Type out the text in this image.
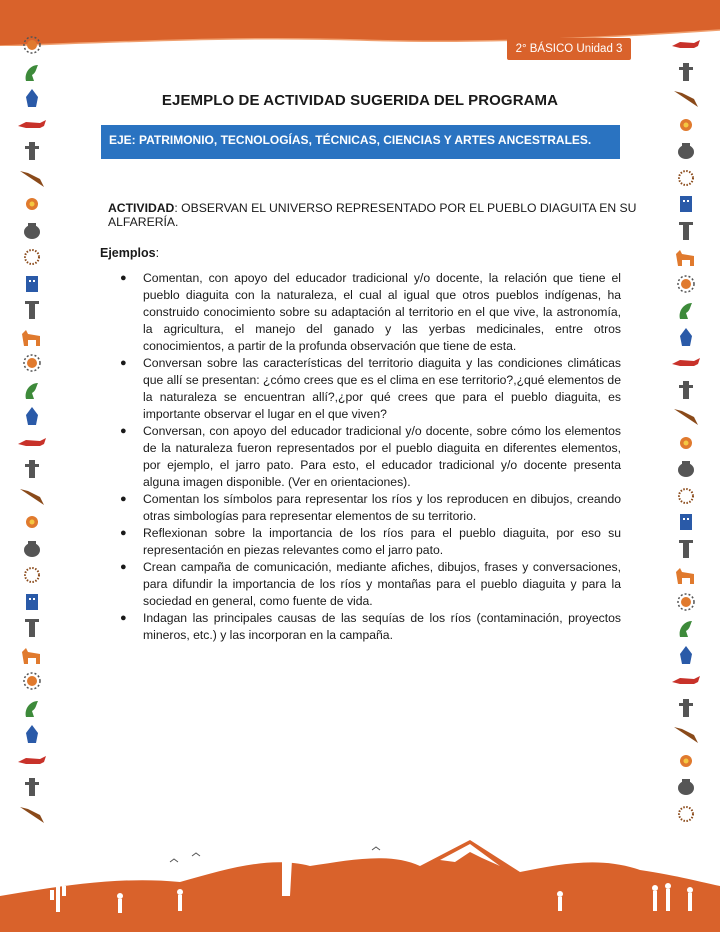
2° BÁSICO Unidad 3
EJEMPLO DE ACTIVIDAD SUGERIDA DEL PROGRAMA
EJE: PATRIMONIO, TECNOLOGÍAS, TÉCNICAS, CIENCIAS Y ARTES ANCESTRALES.
ACTIVIDAD: OBSERVAN EL UNIVERSO REPRESENTADO POR EL PUEBLO DIAGUITA EN SU ALFARERÍA.
Ejemplos:
● Comentan, con apoyo del educador tradicional y/o docente, la relación que tiene el pueblo diaguita con la naturaleza, el cual al igual que otros pueblos indígenas, ha construido conocimiento sobre su adaptación al territorio en el que vive, la astronomía, la agricultura, el manejo del ganado y las yerbas medicinales, entre otros conocimientos, a partir de la profunda observación que tiene de esta.
● Conversan sobre las características del territorio diaguita y las condiciones climáticas que allí se presentan: ¿cómo crees que es el clima en ese territorio?,¿qué elementos de la naturaleza se encuentran allí?,¿por qué crees que para el pueblo diaguita, es importante observar el lugar en el que viven?
● Conversan, con apoyo del educador tradicional y/o docente, sobre cómo los elementos de la naturaleza fueron representados por el pueblo diaguita en diferentes elementos, por ejemplo, el jarro pato. Para esto, el educador tradicional y/o docente presenta alguna imagen disponible. (Ver en orientaciones).
● Comentan los símbolos para representar los ríos y los reproducen en dibujos, creando otras simbologías para representar elementos de su territorio.
● Reflexionan sobre la importancia de los ríos para el pueblo diaguita, por eso su representación en piezas relevantes como el jarro pato.
● Crean campaña de comunicación, mediante afiches, dibujos, frases y conversaciones, para difundir la importancia de los ríos y montañas para el pueblo diaguita y para la sociedad en general, como fuente de vida.
● Indagan las principales causas de las sequías de los ríos (contaminación, proyectos mineros, etc.) y las incorporan en la campaña.
